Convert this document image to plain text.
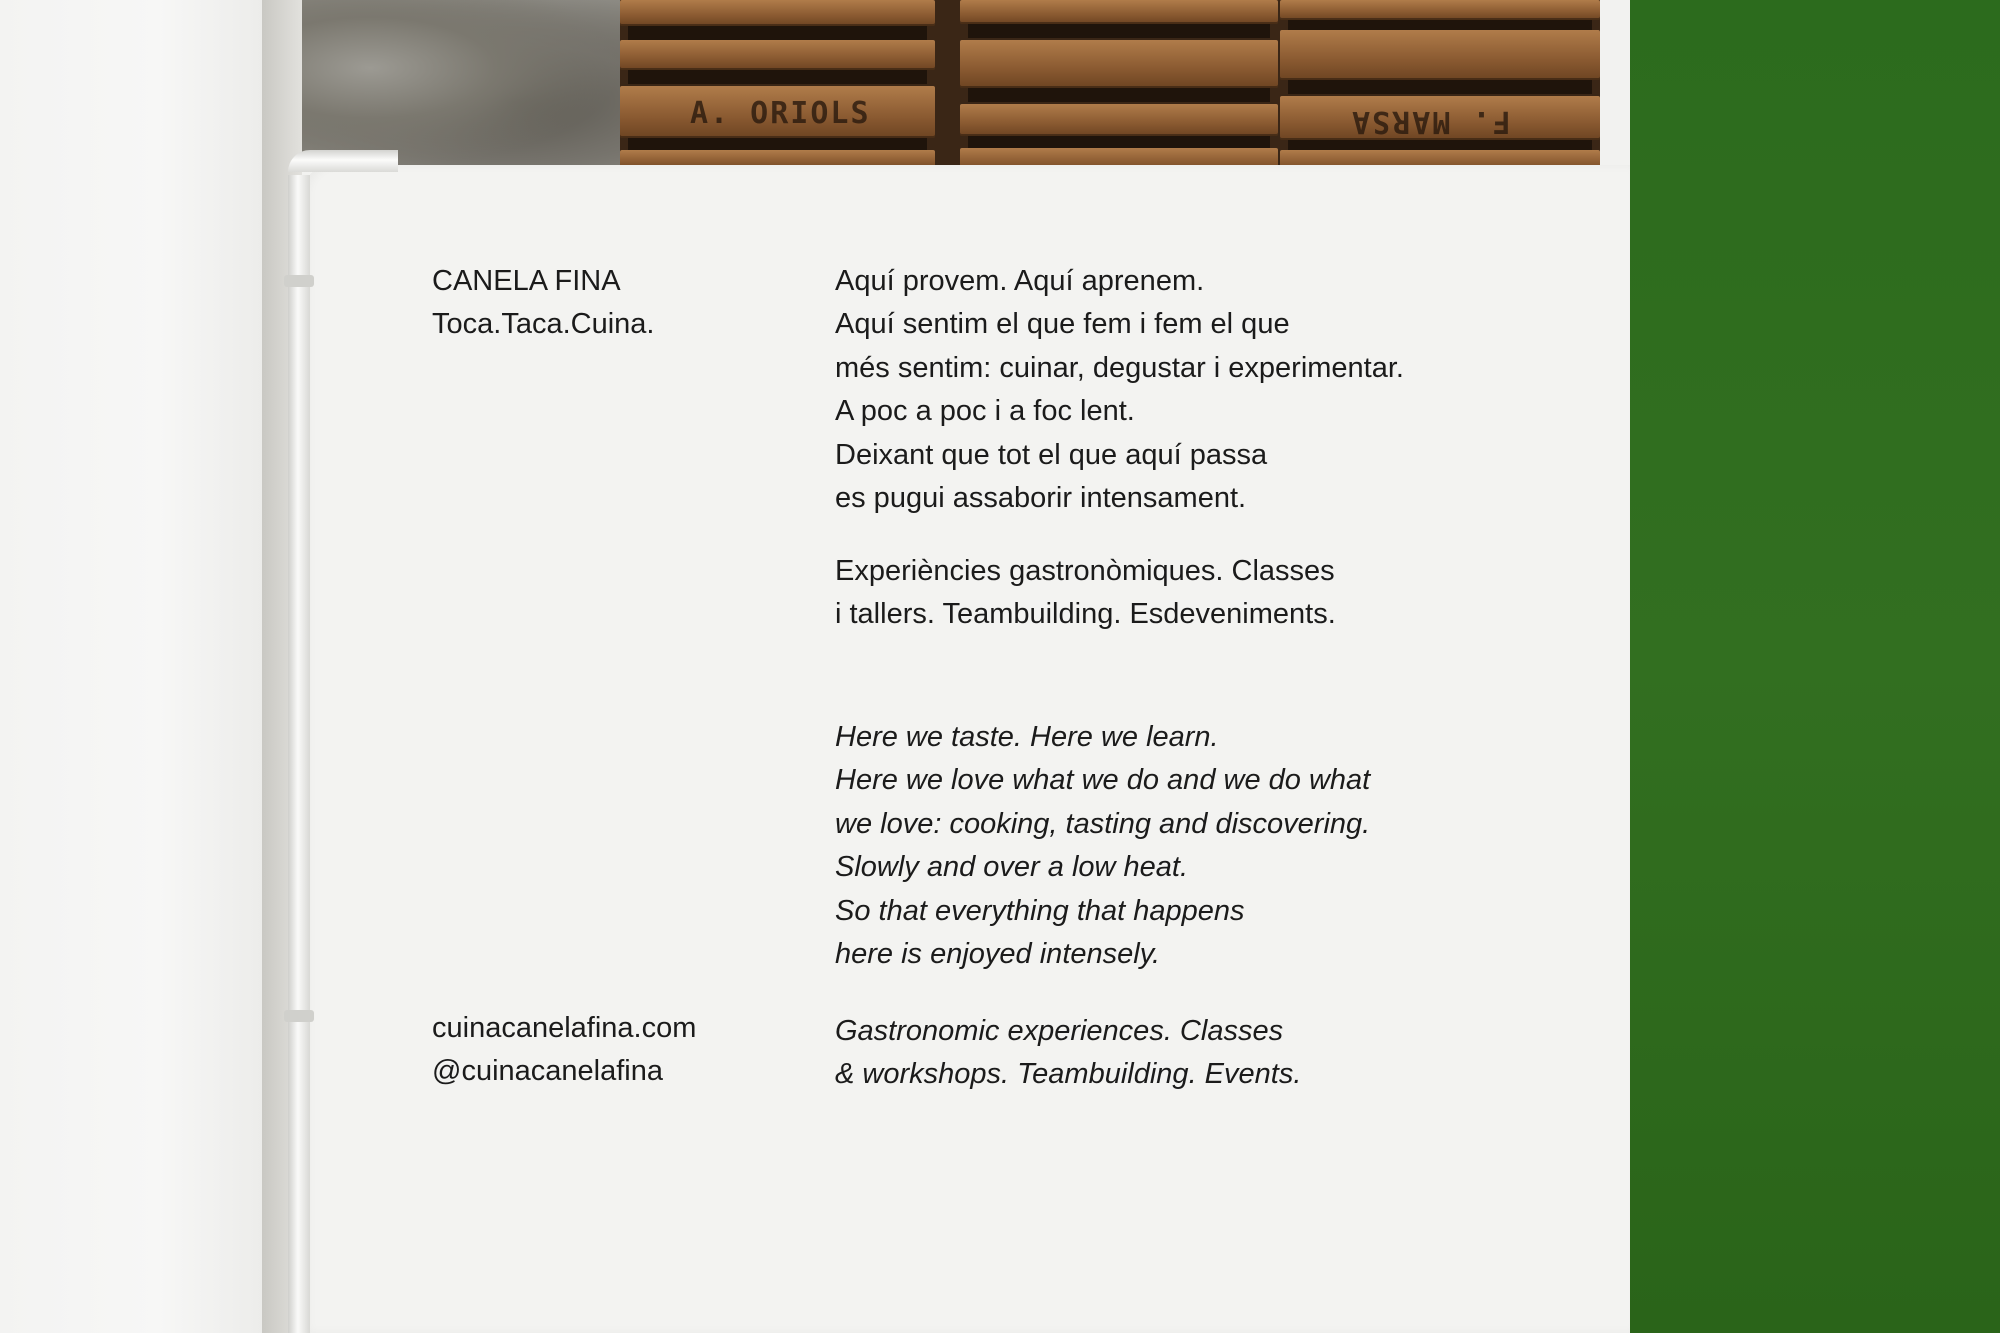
A. ORIOLS	F. MARSA

CANELA FINA

Toca.Taca.Cuina.

Aquí provem. Aquí aprenem.

Aquí sentim el que fem i fem el que

més sentim: cuinar, degustar i experimentar.

A poc a poc i a foc lent.

Deixant que tot el que aquí passa

es pugui assaborir intensament.

Experiències gastronòmiques. Classes

i tallers. Teambuilding. Esdeveniments.

Here we taste. Here we learn.

Here we love what we do and we do what

we love: cooking, tasting and discovering.

Slowly and over a low heat.

So that everything that happens

here is enjoyed intensely.

cuinacanelafina.com

@cuinacanelafina

Gastronomic experiences. Classes

& workshops. Teambuilding. Events.
